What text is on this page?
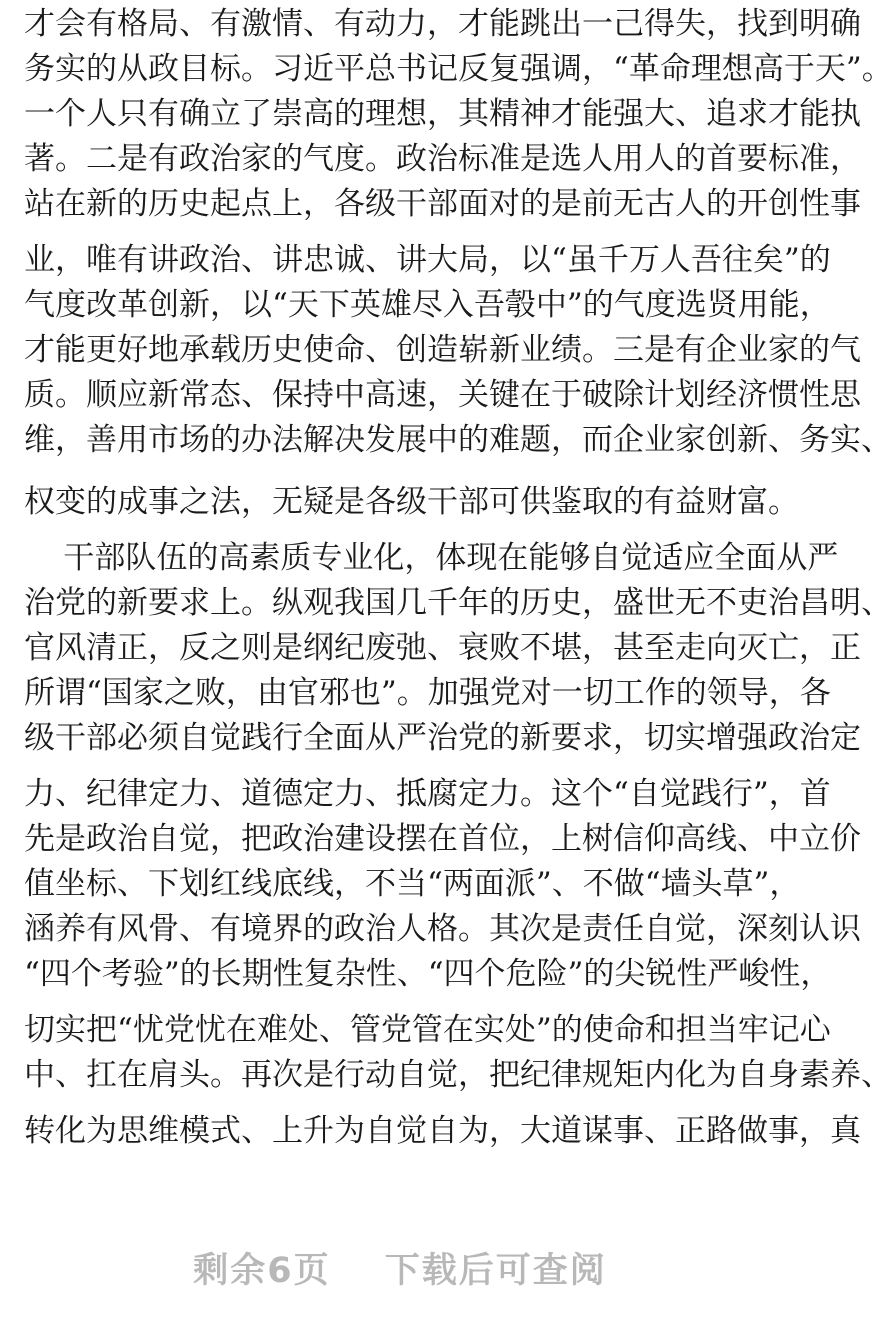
才会有格局、有激情、有动力，才能跳出一己得失，找到明确
务实的从政目标。习近平总书记反复强调，“革命理想高于天”。
一个人只有确立了崇高的理想，其精神才能强大、追求才能执
著。二是有政治家的气度。政治标准是选人用人的首要标准，
站在新的历史起点上，各级干部面对的是前无古人的开创性事
业，唯有讲政治、讲忠诚、讲大局，以“虽千万人吾往矣”的
气度改革创新，以“天下英雄尽入吾彀中”的气度选贤用能，
才能更好地承载历史使命、创造崭新业绩。三是有企业家的气
质。顺应新常态、保持中高速，关键在于破除计划经济惯性思
维，善用市场的办法解决发展中的难题，而企业家创新、务实、
权变的成事之法，无疑是各级干部可供鉴取的有益财富。
干部队伍的高素质专业化，体现在能够自觉适应全面从严
治党的新要求上。纵观我国几千年的历史，盛世无不吏治昌明、
官风清正，反之则是纲纪废弛、衰败不堪，甚至走向灭亡，正
所谓“国家之败，由官邪也”。加强党对一切工作的领导，各
级干部必须自觉践行全面从严治党的新要求，切实增强政治定
力、纪律定力、道德定力、抵腐定力。这个“自觉践行”，首
先是政治自觉，把政治建设摆在首位，上树信仰高线、中立价
值坐标、下划红线底线，不当“两面派”、不做“墙头草”，
涵养有风骨、有境界的政治人格。其次是责任自觉，深刻认识
“四个考验”的长期性复杂性、“四个危险”的尖锐性严峻性，
切实把“忧党忧在难处、管党管在实处”的使命和担当牢记心
中、扛在肩头。再次是行动自觉，把纪律规矩内化为自身素养、
转化为思维模式、上升为自觉自为，大道谋事、正路做事，真
剩余6页 下载后可查阅
